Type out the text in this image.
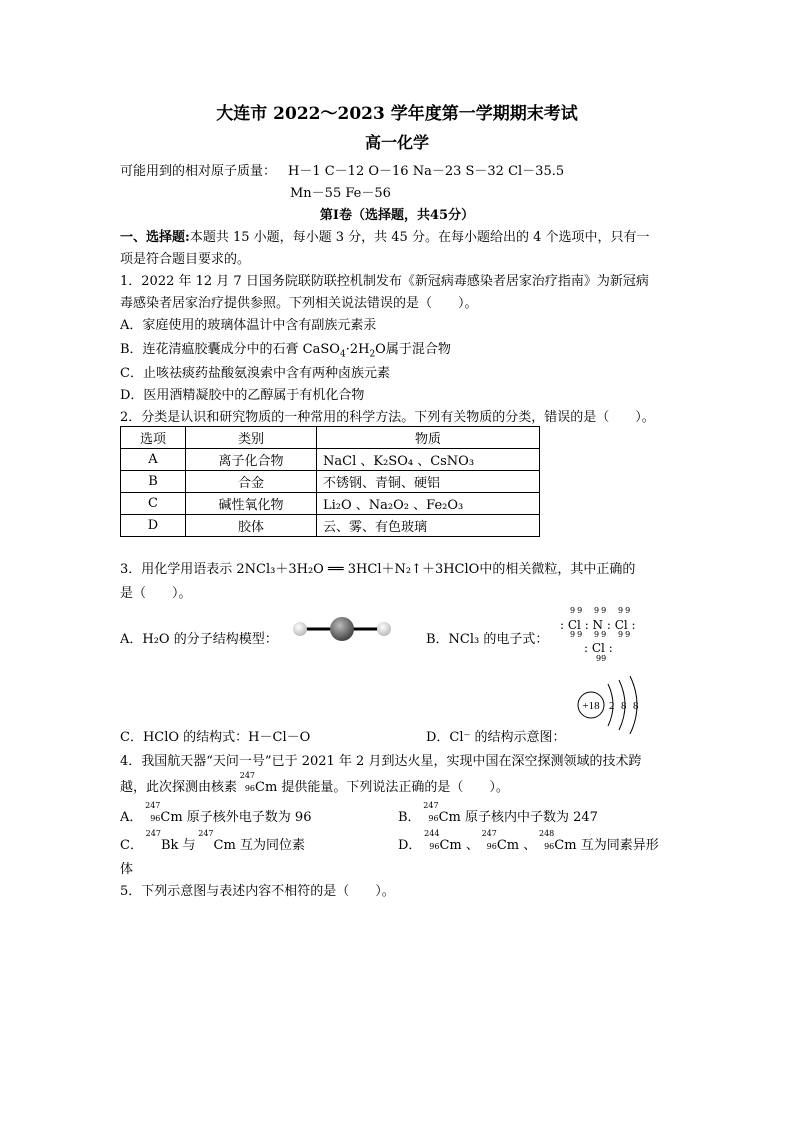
大连市 2022～2023 学年度第一学期期末考试
高一化学
可能用到的相对原子质量： H－1 C－12 O－16 Na－23 S－32 Cl－35.5
Mn－55 Fe－56
第Ⅰ卷（选择题，共45分）
一、选择题:本题共 15 小题，每小题 3 分，共 45 分。在每小题给出的 4 个选项中，只有一
项是符合题目要求的。
1．2022 年 12 月 7 日国务院联防联控机制发布《新冠病毒感染者居家治疗指南》为新冠病
毒感染者居家治疗提供参照。下列相关说法错误的是（　　）。
A．家庭使用的玻璃体温计中含有副族元素汞
B．连花清瘟胶囊成分中的石膏 $CaSO_4\cdot 2H_2O$属于混合物
C．止咳祛痰药盐酸氨溴索中含有两种卤族元素
D．医用酒精凝胶中的乙醇属于有机化合物
2．分类是认识和研究物质的一种常用的科学方法。下列有关物质的分类，错误的是（　　）。
选项	类别	物质
A	离子化合物	NaCl 、K₂SO₄ 、CsNO₃
B	合金	不锈钢、青铜、硬铝
C	碱性氧化物	Li₂O 、Na₂O₂ 、Fe₂O₃
D	胶体	云、雾、有色玻璃
3．用化学用语表示 2NCl₃＋3H₂O ══ 3HCl＋N₂↑＋3HClO中的相关微粒，其中正确的
是（　　）。
A．H₂O 的分子结构模型：	B．NCl₃ 的电子式：
99 99 99
: Cl : N : Cl :
99 99 99
: Cl :
99
+18 2 8 8
C．HClO 的结构式：H－Cl－O	D．Cl⁻ 的结构示意图：
4．我国航天器“天问一号”已于 2021 年 2 月到达火星，实现中国在深空探测领域的技术跨
越，此次探测由核素
247
96 Cm 提供能量。下列说法正确的是（　　）。
A．
247
96 Cm 原子核外电子数为 96	B．
247
96 Cm 原子核内中子数为 247
C．
247
Bk 与
247
Cm 互为同位素	D．
244
96 Cm 、
247
96 Cm 、
248
96 Cm 互为同素异形
体
5．下列示意图与表述内容不相符的是（　　）。
